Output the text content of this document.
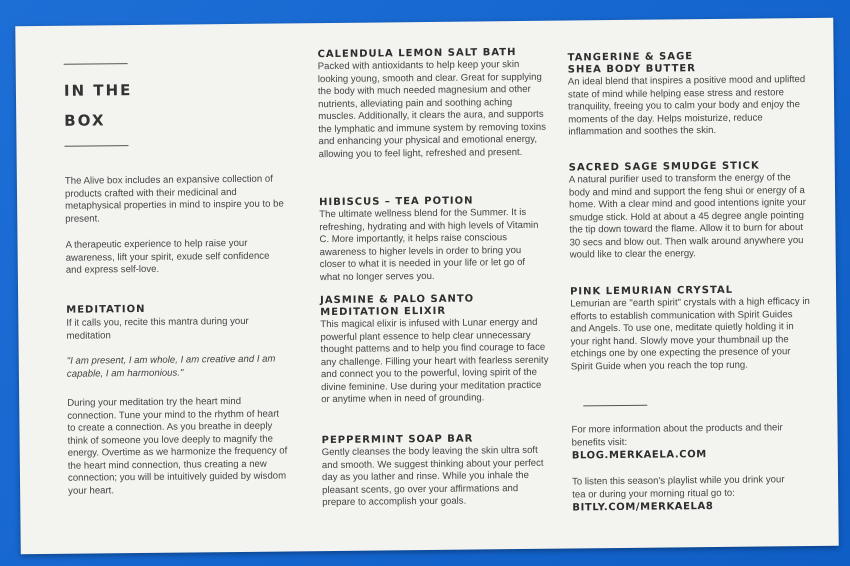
IN THE
BOX

The Alive box includes an expansive collection of products crafted with their medicinal and metaphysical properties in mind to inspire you to be present.

A therapeutic experience to help raise your awareness, lift your spirit, exude self confidence and express self-love.

MEDITATION

If it calls you, recite this mantra during your meditation

"I am present, I am whole, I am creative and I am capable, I am harmonious."

During your meditation try the heart mind connection. Tune your mind to the rhythm of heart to create a connection. As you breathe in deeply think of someone you love deeply to magnify the energy. Overtime as we harmonize the frequency of the heart mind connection, thus creating a new connection; you will be intuitively guided by wisdom your heart.

CALENDULA LEMON SALT BATH

Packed with antioxidants to help keep your skin looking young, smooth and clear. Great for supplying the body with much needed magnesium and other nutrients, alleviating pain and soothing aching muscles. Additionally, it clears the aura, and supports the lymphatic and immune system by removing toxins and enhancing your physical and emotional energy, allowing you to feel light, refreshed and present.

HIBISCUS – TEA POTION

The ultimate wellness blend for the Summer. It is refreshing, hydrating and with high levels of Vitamin C. More importantly, it helps raise conscious awareness to higher levels in order to bring you closer to what it is needed in your life or let go of what no longer serves you.

JASMINE & PALO SANTO

MEDITATION ELIXIR

This magical elixir is infused with Lunar energy and powerful plant essence to help clear unnecessary thought patterns and to help you find courage to face any challenge. Filling your heart with fearless serenity and connect you to the powerful, loving spirit of the divine feminine. Use during your meditation practice or anytime when in need of grounding.

PEPPERMINT SOAP BAR

Gently cleanses the body leaving the skin ultra soft and smooth. We suggest thinking about your perfect day as you lather and rinse. While you inhale the pleasant scents, go over your affirmations and prepare to accomplish your goals.

TANGERINE & SAGE

SHEA BODY BUTTER

An ideal blend that inspires a positive mood and uplifted state of mind while helping ease stress and restore tranquility, freeing you to calm your body and enjoy the moments of the day. Helps moisturize, reduce inflammation and soothes the skin.

SACRED SAGE SMUDGE STICK

A natural purifier used to transform the energy of the body and mind and support the feng shui or energy of a home. With a clear mind and good intentions ignite your smudge stick. Hold at about a 45 degree angle pointing the tip down toward the flame. Allow it to burn for about 30 secs and blow out. Then walk around anywhere you would like to clear the energy.

PINK LEMURIAN CRYSTAL

Lemurian are "earth spirit" crystals with a high efficacy in efforts to establish communication with Spirit Guides and Angels. To use one, meditate quietly holding it in your right hand. Slowly move your thumbnail up the etchings one by one expecting the presence of your Spirit Guide when you reach the top rung.

For more information about the products and their benefits visit:

BLOG.MERKAELA.COM

To listen this season's playlist while you drink your tea or during your morning ritual go to:

BITLY.COM/MERKAELA8
